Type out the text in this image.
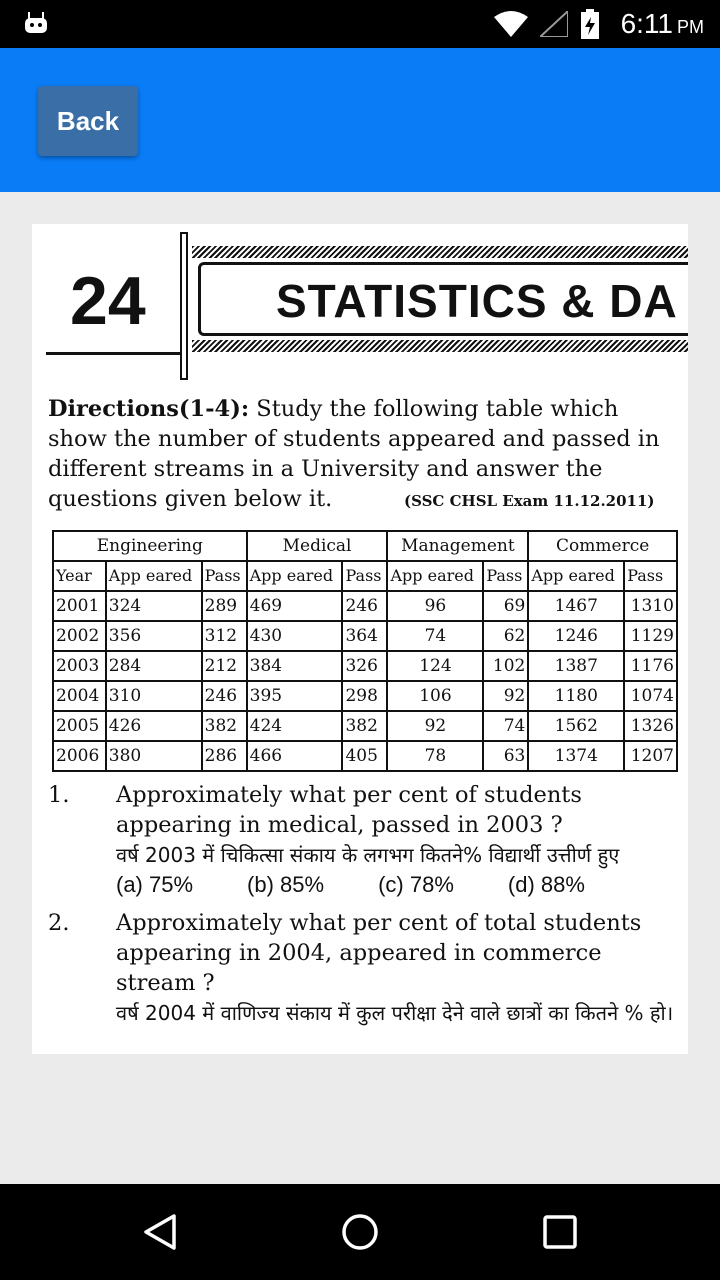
6:11 PM
Back
24	STATISTICS & DA
Directions(1-4): Study the following table which show the number of students appeared and passed in different streams in a University and answer the questions given below it.	(SSC CHSL Exam 11.12.2011)
Engineering			Medical		Management		Commerce	
Year	App eared	Pass	App eared	Pass	App eared	Pass	App eared	Pass
2001	324	289	469	246	96	69	1467	1310
2002	356	312	430	364	74	62	1246	1129
2003	284	212	384	326	124	102	1387	1176
2004	310	246	395	298	106	92	1180	1074
2005	426	382	424	382	92	74	1562	1326
2006	380	286	466	405	78	63	1374	1207
1. Approximately what per cent of students appearing in medical, passed in 2003 ?
वर्ष 2003 में चिकित्सा संकाय के लगभग कितने% विद्यार्थी उत्तीर्ण हुए
(a) 75% (b) 85% (c) 78% (d) 88%
2. Approximately what per cent of total students appearing in 2004, appeared in commerce stream ?
वर्ष 2004 में वाणिज्य संकाय में कुल परीक्षा देने वाले छात्रों का कितने % हो।
